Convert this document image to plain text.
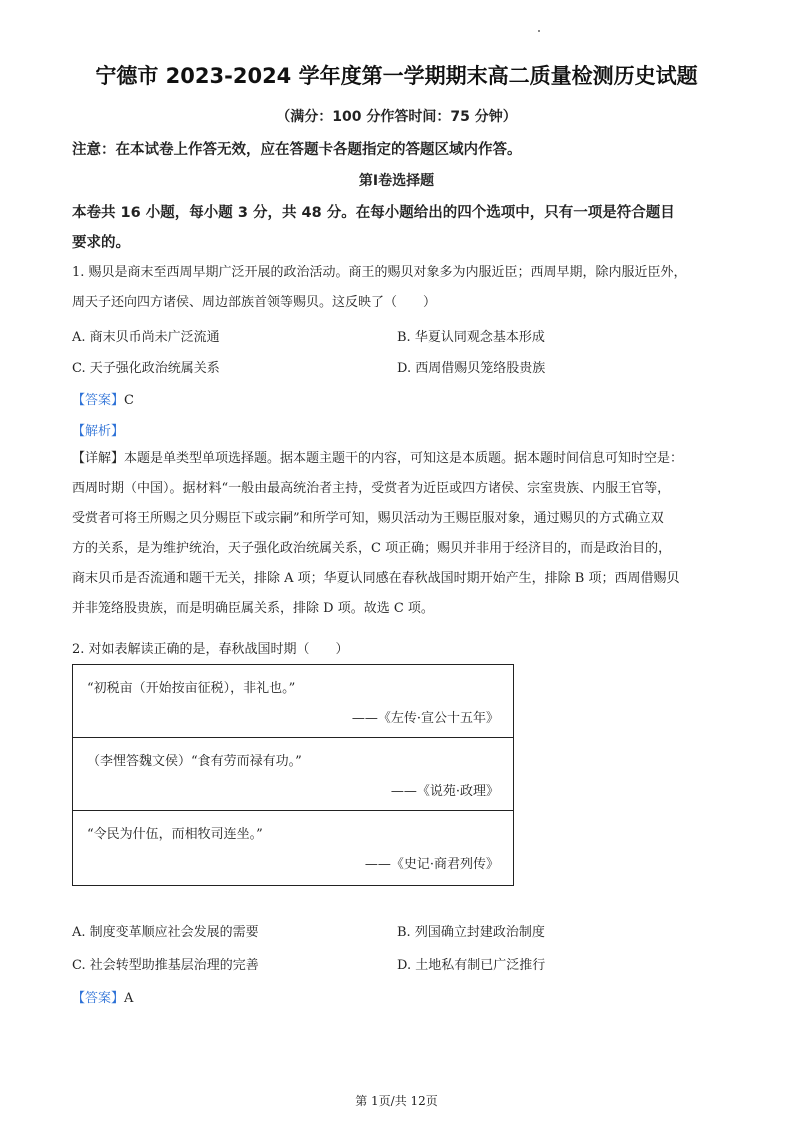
宁德市 2023-2024 学年度第一学期期末高二质量检测历史试题
（满分：100 分作答时间：75 分钟）
注意：在本试卷上作答无效，应在答题卡各题指定的答题区域内作答。
第Ⅰ卷选择题
本卷共 16 小题，每小题 3 分，共 48 分。在每小题给出的四个选项中，只有一项是符合题目
要求的。
1. 赐贝是商末至西周早期广泛开展的政治活动。商王的赐贝对象多为内服近臣；西周早期，除内服近臣外，
周天子还向四方诸侯、周边部族首领等赐贝。这反映了（　　）
A. 商末贝币尚未广泛流通	B. 华夏认同观念基本形成
C. 天子强化政治统属关系	D. 西周借赐贝笼络股贵族
【答案】C
【解析】
【详解】本题是单类型单项选择题。据本题主题干的内容，可知这是本质题。据本题时间信息可知时空是：
西周时期（中国）。据材料“一般由最高统治者主持，受赏者为近臣或四方诸侯、宗室贵族、内服王官等，
受赏者可将王所赐之贝分赐臣下或宗嗣”和所学可知，赐贝活动为王赐臣服对象，通过赐贝的方式确立双
方的关系，是为维护统治，天子强化政治统属关系，C 项正确；赐贝并非用于经济目的，而是政治目的，
商末贝币是否流通和题干无关，排除 A 项；华夏认同感在春秋战国时期开始产生，排除 B 项；西周借赐贝
并非笼络股贵族，而是明确臣属关系，排除 D 项。故选 C 项。
2. 对如表解读正确的是，春秋战国时期（　　）
“初税亩（开始按亩征税），非礼也。”
——《左传·宣公十五年》
（李悝答魏文侯）“食有劳而禄有功。”
——《说苑·政理》
“令民为什伍，而相牧司连坐。”
——《史记·商君列传》
A. 制度变革顺应社会发展的需要	B. 列国确立封建政治制度
C. 社会转型助推基层治理的完善	D. 土地私有制已广泛推行
【答案】A
第 1页/共 12页
